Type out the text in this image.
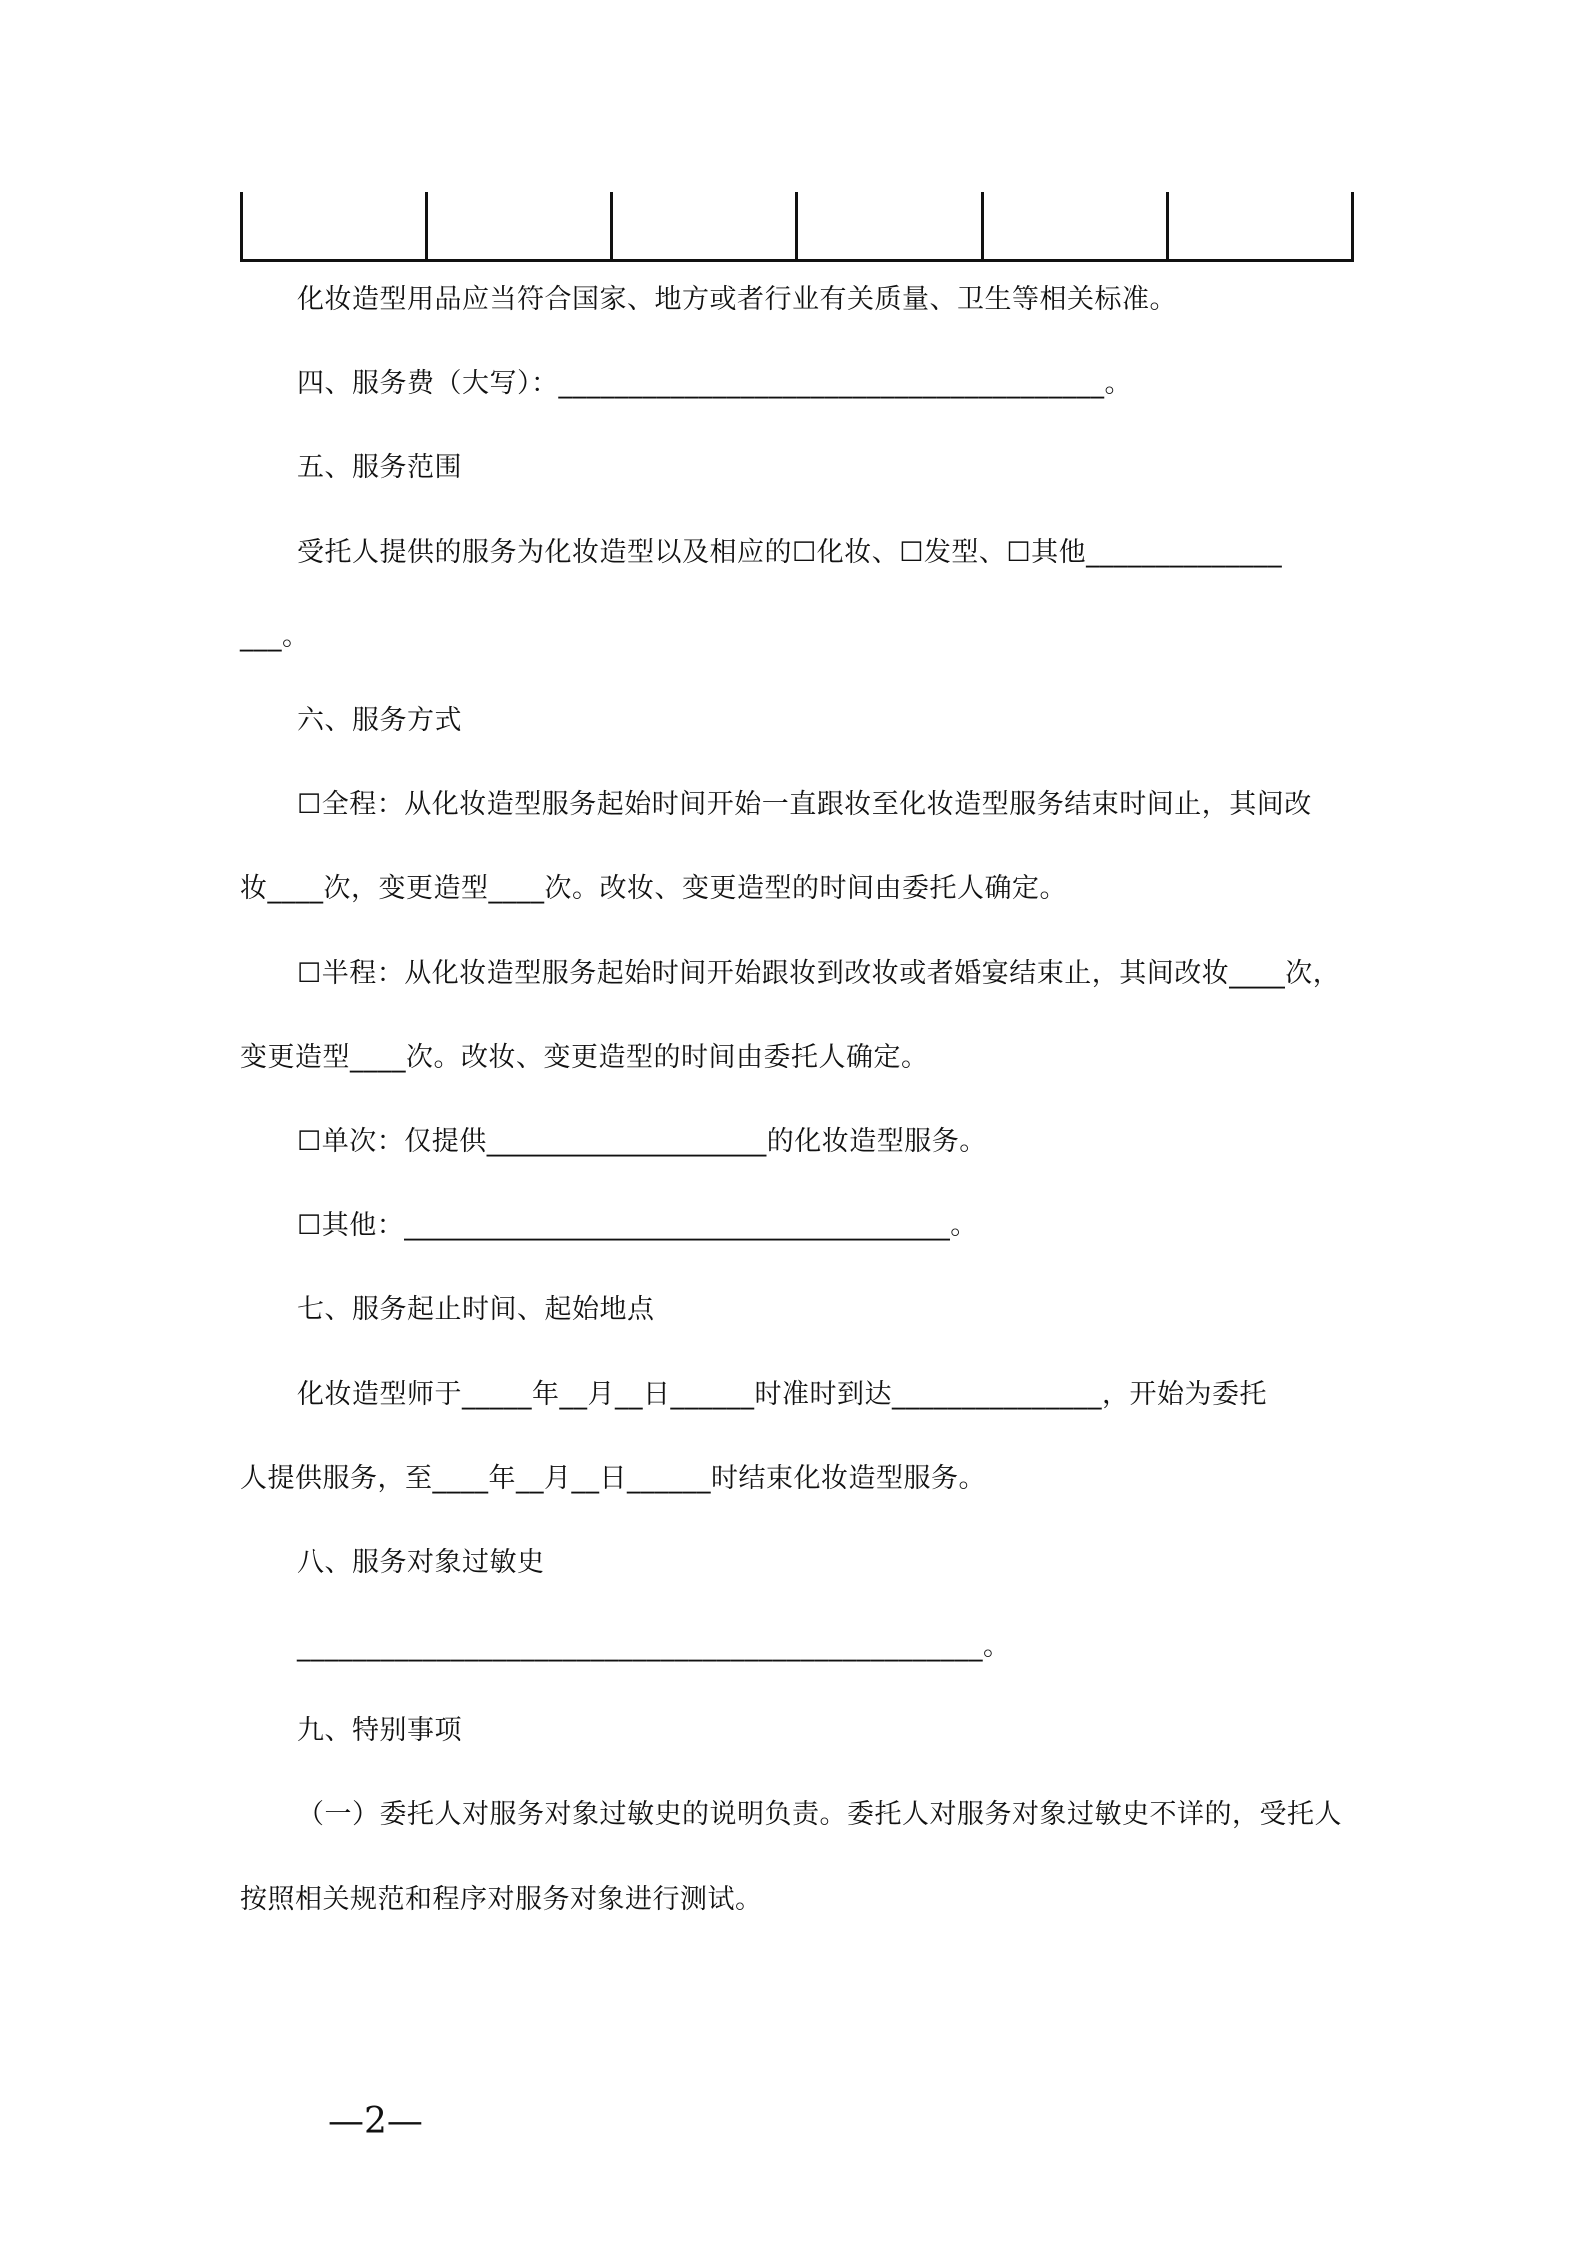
化妆造型用品应当符合国家、地方或者行业有关质量、卫生等相关标准。
四、服务费（大写）：_______________________________________。
五、服务范围
受托人提供的服务为化妆造型以及相应的☐化妆、☐发型、☐其他______________
___。
六、服务方式
☐全程：从化妆造型服务起始时间开始一直跟妆至化妆造型服务结束时间止，其间改
妆____次，变更造型____次。改妆、变更造型的时间由委托人确定。
☐半程：从化妆造型服务起始时间开始跟妆到改妆或者婚宴结束止，其间改妆____次，
变更造型____次。改妆、变更造型的时间由委托人确定。
☐单次：仅提供____________________的化妆造型服务。
☐其他：_______________________________________。
七、服务起止时间、起始地点
化妆造型师于_____年__月__日______时准时到达_______________，开始为委托
人提供服务，至____年__月__日______时结束化妆造型服务。
八、服务对象过敏史
_________________________________________________。
九、特别事项
（一）委托人对服务对象过敏史的说明负责。委托人对服务对象过敏史不详的，受托人
按照相关规范和程序对服务对象进行测试。
—2—
